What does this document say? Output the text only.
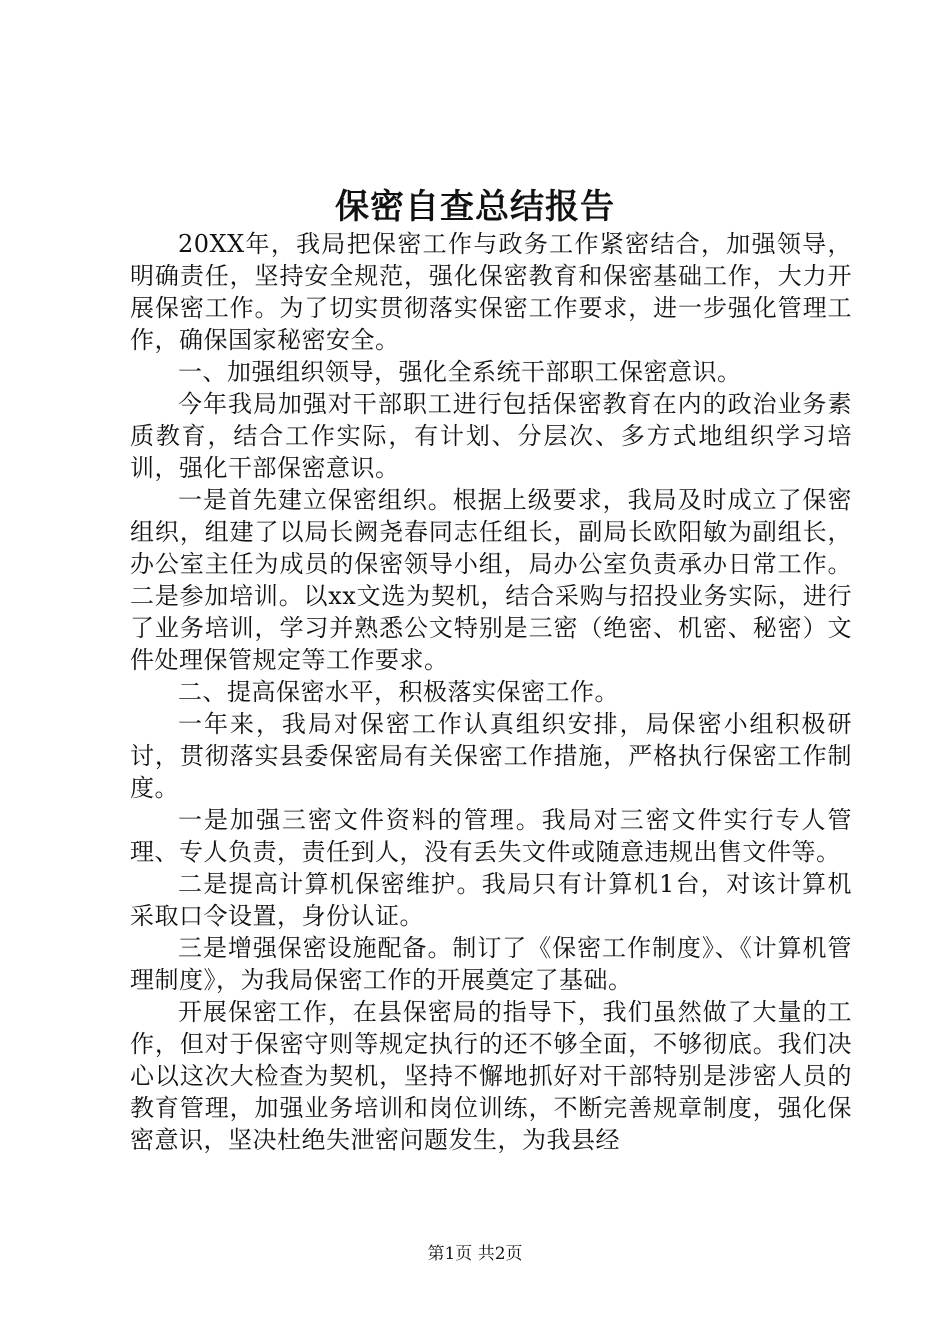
保密自查总结报告

20XX年，我局把保密工作与政务工作紧密结合，加强领导，明确责任，坚持安全规范，强化保密教育和保密基础工作，大力开展保密工作。为了切实贯彻落实保密工作要求，进一步强化管理工作，确保国家秘密安全。

一、加强组织领导，强化全系统干部职工保密意识。

今年我局加强对干部职工进行包括保密教育在内的政治业务素质教育，结合工作实际，有计划、分层次、多方式地组织学习培训，强化干部保密意识。

一是首先建立保密组织。根据上级要求，我局及时成立了保密组织，组建了以局长阙尧春同志任组长，副局长欧阳敏为副组长，办公室主任为成员的保密领导小组，局办公室负责承办日常工作。二是参加培训。以xx文选为契机，结合采购与招投业务实际，进行了业务培训，学习并熟悉公文特别是三密（绝密、机密、秘密）文件处理保管规定等工作要求。

二、提高保密水平，积极落实保密工作。

一年来，我局对保密工作认真组织安排，局保密小组积极研讨，贯彻落实县委保密局有关保密工作措施，严格执行保密工作制度。

一是加强三密文件资料的管理。我局对三密文件实行专人管理、专人负责，责任到人，没有丢失文件或随意违规出售文件等。

二是提高计算机保密维护。我局只有计算机1台，对该计算机采取口令设置，身份认证。

三是增强保密设施配备。制订了《保密工作制度》、《计算机管理制度》，为我局保密工作的开展奠定了基础。

开展保密工作，在县保密局的指导下，我们虽然做了大量的工作，但对于保密守则等规定执行的还不够全面，不够彻底。我们决心以这次大检查为契机，坚持不懈地抓好对干部特别是涉密人员的教育管理，加强业务培训和岗位训练，不断完善规章制度，强化保密意识，坚决杜绝失泄密问题发生，为我县经

第1页 共2页
